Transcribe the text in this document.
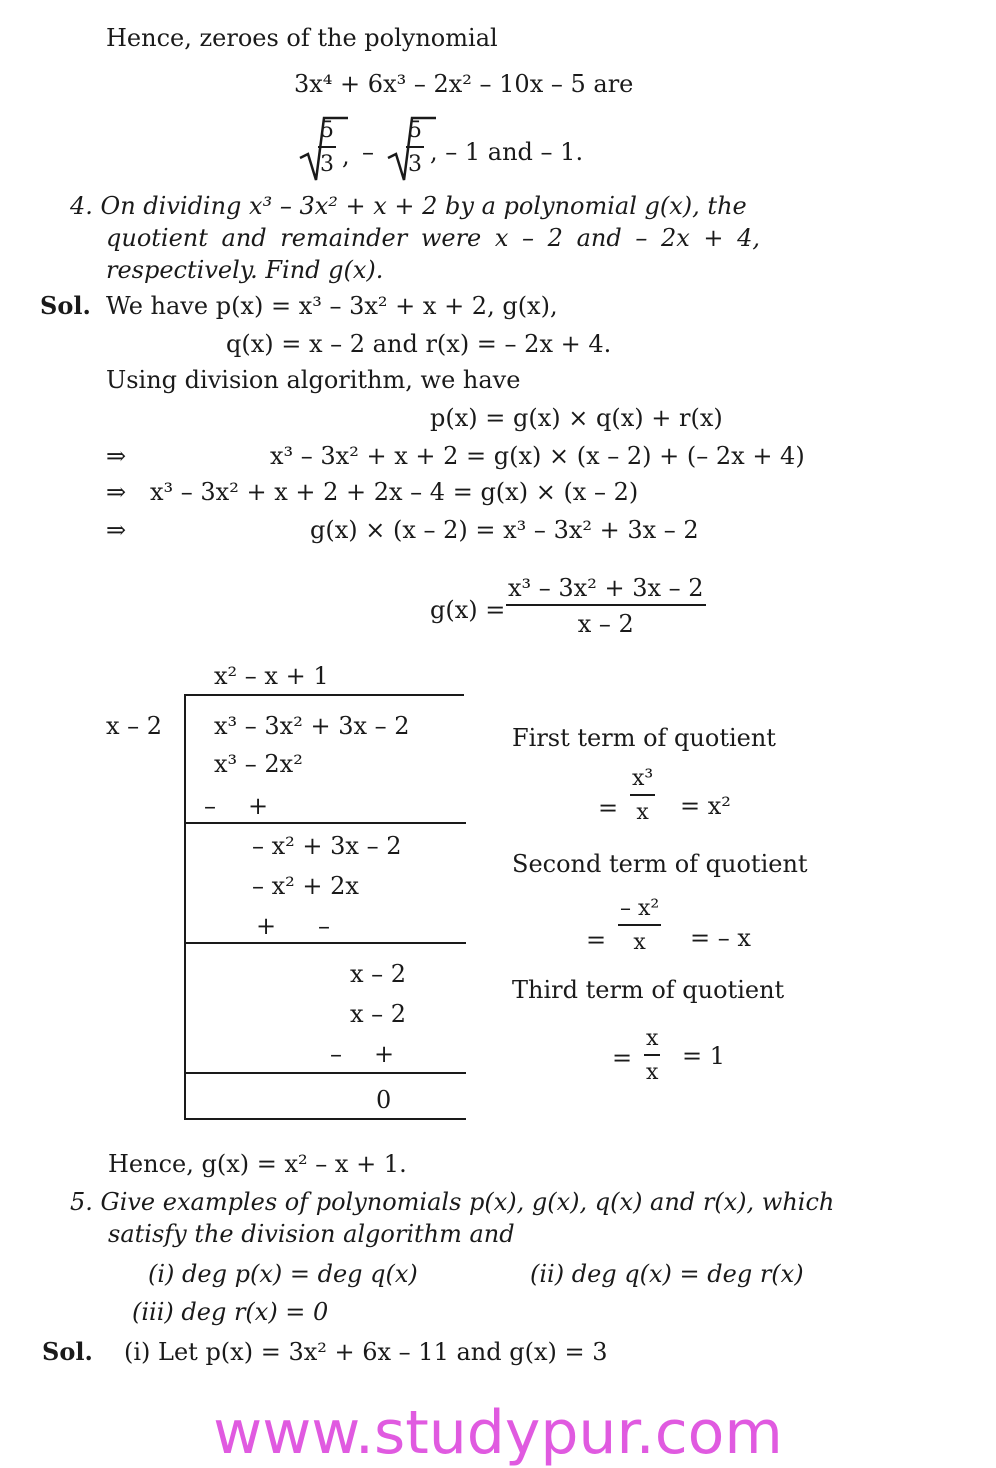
Hence, zeroes of the polynomial
3x⁴ + 6x³ – 2x² – 10x – 5 are
$\frac{5}{3}$ , – $\frac{5}{3}$ , – 1 and – 1.
4. On dividing x³ – 3x² + x + 2 by a polynomial g(x), the
quotient and remainder were x – 2 and – 2x + 4,
respectively. Find g(x).
Sol. We have p(x) = x³ – 3x² + x + 2, g(x),
q(x) = x – 2 and r(x) = – 2x + 4.
Using division algorithm, we have
p(x) = g(x) × q(x) + r(x)
⇒	x³ – 3x² + x + 2 = g(x) × (x – 2) + (– 2x + 4)
⇒ x³ – 3x² + x + 2 + 2x – 4 = g(x) × (x – 2)
⇒	g(x) × (x – 2) = x³ – 3x² + 3x – 2
$g(x) = \frac{\text{x³ – 3x² + 3x – 2}}{x - 2}$
x² – x + 1
x – 2 x³ – 3x² + 3x – 2
x³ – 2x²
– +
– x² + 3x – 2
– x² + 2x
+ –
x – 2
x – 2
– +
0
First term of quotient
= $\frac{\text{x³}}{x} = x^2$
Second term of quotient
= $\frac{\text{– x²}}{x}$ = – x
Third term of quotient
= $\frac{x}{x} = 1$
Hence, g(x) = x² – x + 1.
5. Give examples of polynomials p(x), g(x), q(x) and r(x), which
satisfy the division algorithm and
(i) deg p(x) = deg q(x)	(ii) deg q(x) = deg r(x)
(iii) deg r(x) = 0
Sol. (i) Let p(x) = 3x² + 6x – 11 and g(x) = 3
www.studypur.com
